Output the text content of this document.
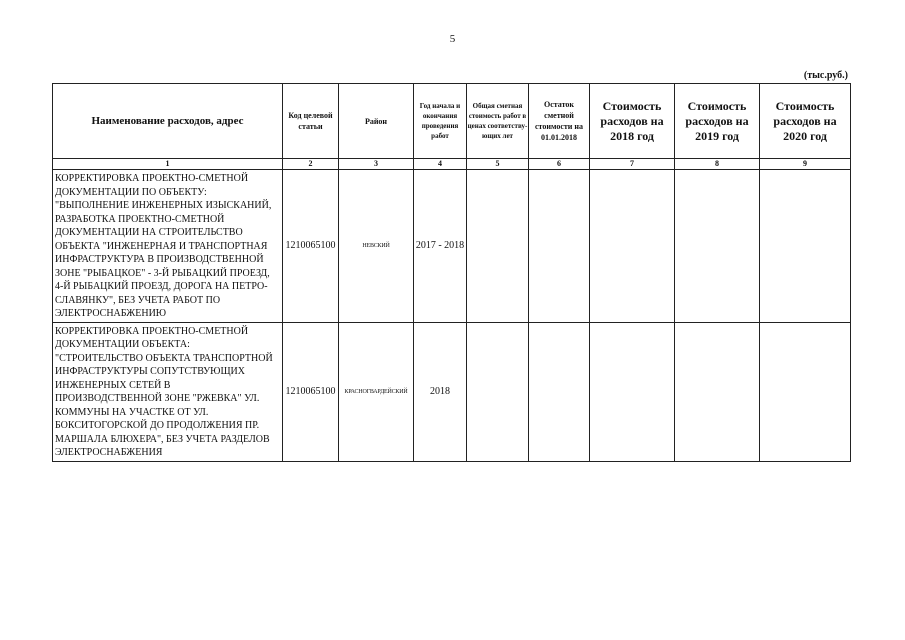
5
(тыс.руб.)
Наименование расходов, адрес	Код целевой статьи	Район	Год начала и окончания проведения работ	Общая сметная стоимость работ в ценах соответству-ющих лет	Остаток сметной стоимости на 01.01.2018	Стоимость расходов на 2018 год	Стоимость расходов на 2019 год	Стоимость расходов на 2020 год
1	2	3	4	5	6	7	8	9
КОРРЕКТИРОВКА ПРОЕКТНО-СМЕТНОЙ ДОКУМЕНТАЦИИ ПО ОБЪЕКТУ: "ВЫПОЛНЕНИЕ ИНЖЕНЕРНЫХ ИЗЫСКАНИЙ, РАЗРАБОТКА ПРОЕКТНО-СМЕТНОЙ ДОКУМЕНТАЦИИ НА СТРОИТЕЛЬСТВО ОБЪЕКТА "ИНЖЕНЕРНАЯ И ТРАНСПОРТНАЯ ИНФРАСТРУКТУРА В ПРОИЗВОДСТВЕННОЙ ЗОНЕ "РЫБАЦКОЕ" - 3-Й РЫБАЦКИЙ ПРОЕЗД, 4-Й РЫБАЦКИЙ ПРОЕЗД, ДОРОГА НА ПЕТРО-СЛАВЯНКУ", БЕЗ УЧЕТА РАБОТ ПО ЭЛЕКТРОСНАБЖЕНИЮ	1210065100	НЕВСКИЙ	2017 - 2018					
КОРРЕКТИРОВКА ПРОЕКТНО-СМЕТНОЙ ДОКУМЕНТАЦИИ ОБЪЕКТА: "СТРОИТЕЛЬСТВО ОБЪЕКТА ТРАНСПОРТНОЙ ИНФРАСТРУКТУРЫ СОПУТСТВУЮЩИХ ИНЖЕНЕРНЫХ СЕТЕЙ В ПРОИЗВОДСТВЕННОЙ ЗОНЕ "РЖЕВКА" УЛ. КОММУНЫ НА УЧАСТКЕ ОТ УЛ. БОКСИТОГОРСКОЙ ДО ПРОДОЛЖЕНИЯ ПР. МАРШАЛА БЛЮХЕРА", БЕЗ УЧЕТА РАЗДЕЛОВ ЭЛЕКТРОСНАБЖЕНИЯ	1210065100	КРАСНОГВАРДЕЙСКИЙ	2018					
